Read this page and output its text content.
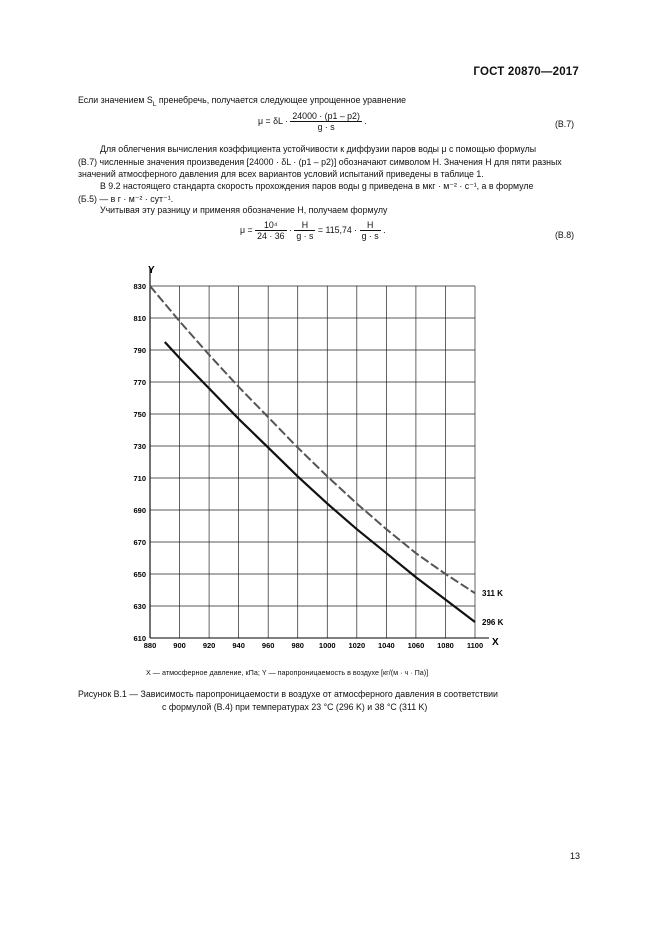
ГОСТ 20870—2017
Если значением $S_L$ пренебречь, получается следующее упрощенное уравнение
$\mu = \delta L \cdot \frac{24000 \cdot (p1 - p2)}{g \cdot s}$ .	(В.7)
Для облегчения вычисления коэффициента устойчивости к диффузии паров воды μ с помощью формулы
(В.7) численные значения произведения [24000 · δL · (p1 – p2)] обозначают символом H. Значения H для пяти разных
значений атмосферного давления для всех вариантов условий испытаний приведены в таблице 1.
В 9.2 настоящего стандарта скорость прохождения паров воды g приведена в мкг · м⁻² · с⁻¹, а в формуле
(Б.5) — в г · м⁻² · сут⁻¹.
Учитывая эту разницу и применяя обозначение H, получаем формулу
$\mu = \frac{\text{10⁴}}{24 \cdot 36} \cdot \frac{H}{g \cdot s} = 115,74 \cdot \frac{H}{g \cdot s}$ .
(В.8)
880 900 920 940 960 980 1000 1020 1040 1060 1080 1100
610
630
650
670
690
710
730
750
770
790
810
830
311 K
296 K
Y
X
X — атмосферное давление, кПа; Y — паропроницаемость в воздухе [кг/(м · ч · Па)]
Рисунок В.1 — Зависимость паропроницаемости в воздухе от атмосферного давления в соответствии
с формулой (В.4) при температурах 23 °С (296 K) и 38 °С (311 K)
13
